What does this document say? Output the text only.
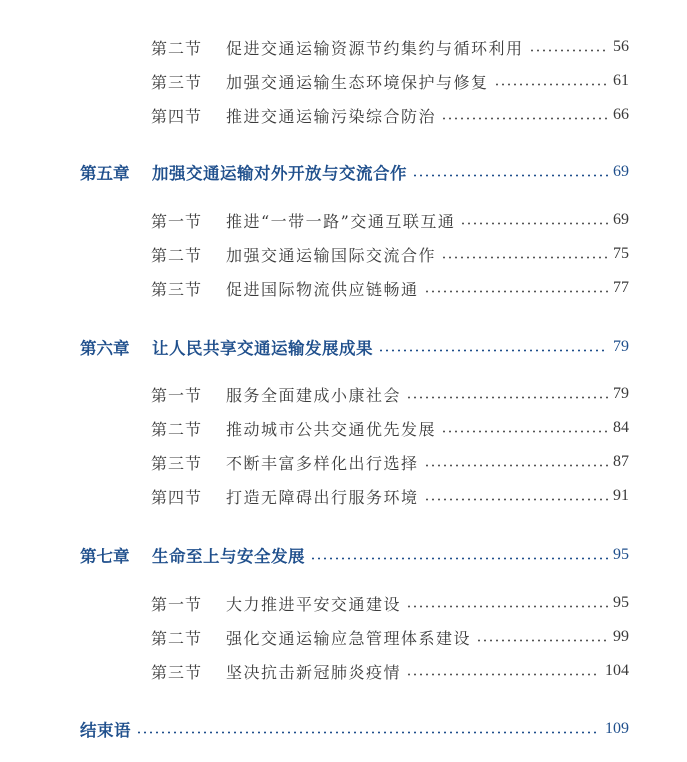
第二节	促进交通运输资源节约集约与循环利用	56
第三节	加强交通运输生态环境保护与修复	61
第四节	推进交通运输污染综合防治	66
第五章	加强交通运输对外开放与交流合作	69
第一节	推进“一带一路”交通互联互通	69
第二节	加强交通运输国际交流合作	75
第三节	促进国际物流供应链畅通	77
第六章	让人民共享交通运输发展成果	79
第一节	服务全面建成小康社会	79
第二节	推动城市公共交通优先发展	84
第三节	不断丰富多样化出行选择	87
第四节	打造无障碍出行服务环境	91
第七章	生命至上与安全发展	95
第一节	大力推进平安交通建设	95
第二节	强化交通运输应急管理体系建设	99
第三节	坚决抗击新冠肺炎疫情	104
结束语	109
